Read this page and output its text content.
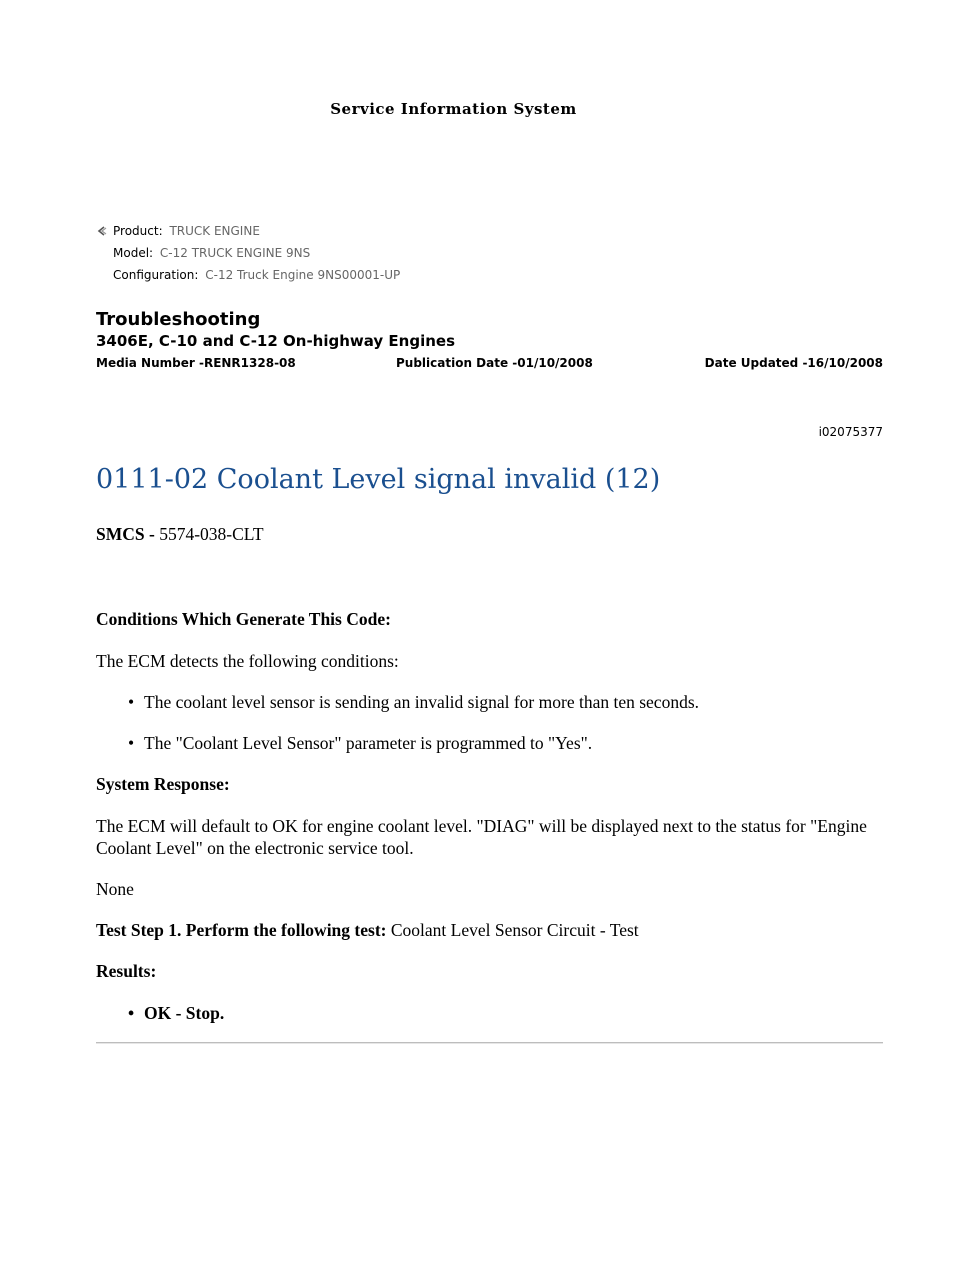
Service Information System
Product: TRUCK ENGINE
Model: C-12 TRUCK ENGINE 9NS
Configuration: C-12 Truck Engine 9NS00001-UP
Troubleshooting
3406E, C-10 and C-12 On-highway Engines
Media Number -RENR1328-08	Publication Date -01/10/2008	Date Updated -16/10/2008
i02075377
0111-02 Coolant Level signal invalid (12)
SMCS - 5574-038-CLT
Conditions Which Generate This Code:
The ECM detects the following conditions:
• The coolant level sensor is sending an invalid signal for more than ten seconds.
• The "Coolant Level Sensor" parameter is programmed to "Yes".
System Response:
The ECM will default to OK for engine coolant level. "DIAG" will be displayed next to the status for "Engine Coolant Level" on the electronic service tool.
None
Test Step 1. Perform the following test: Coolant Level Sensor Circuit - Test
Results:
• OK - Stop.
